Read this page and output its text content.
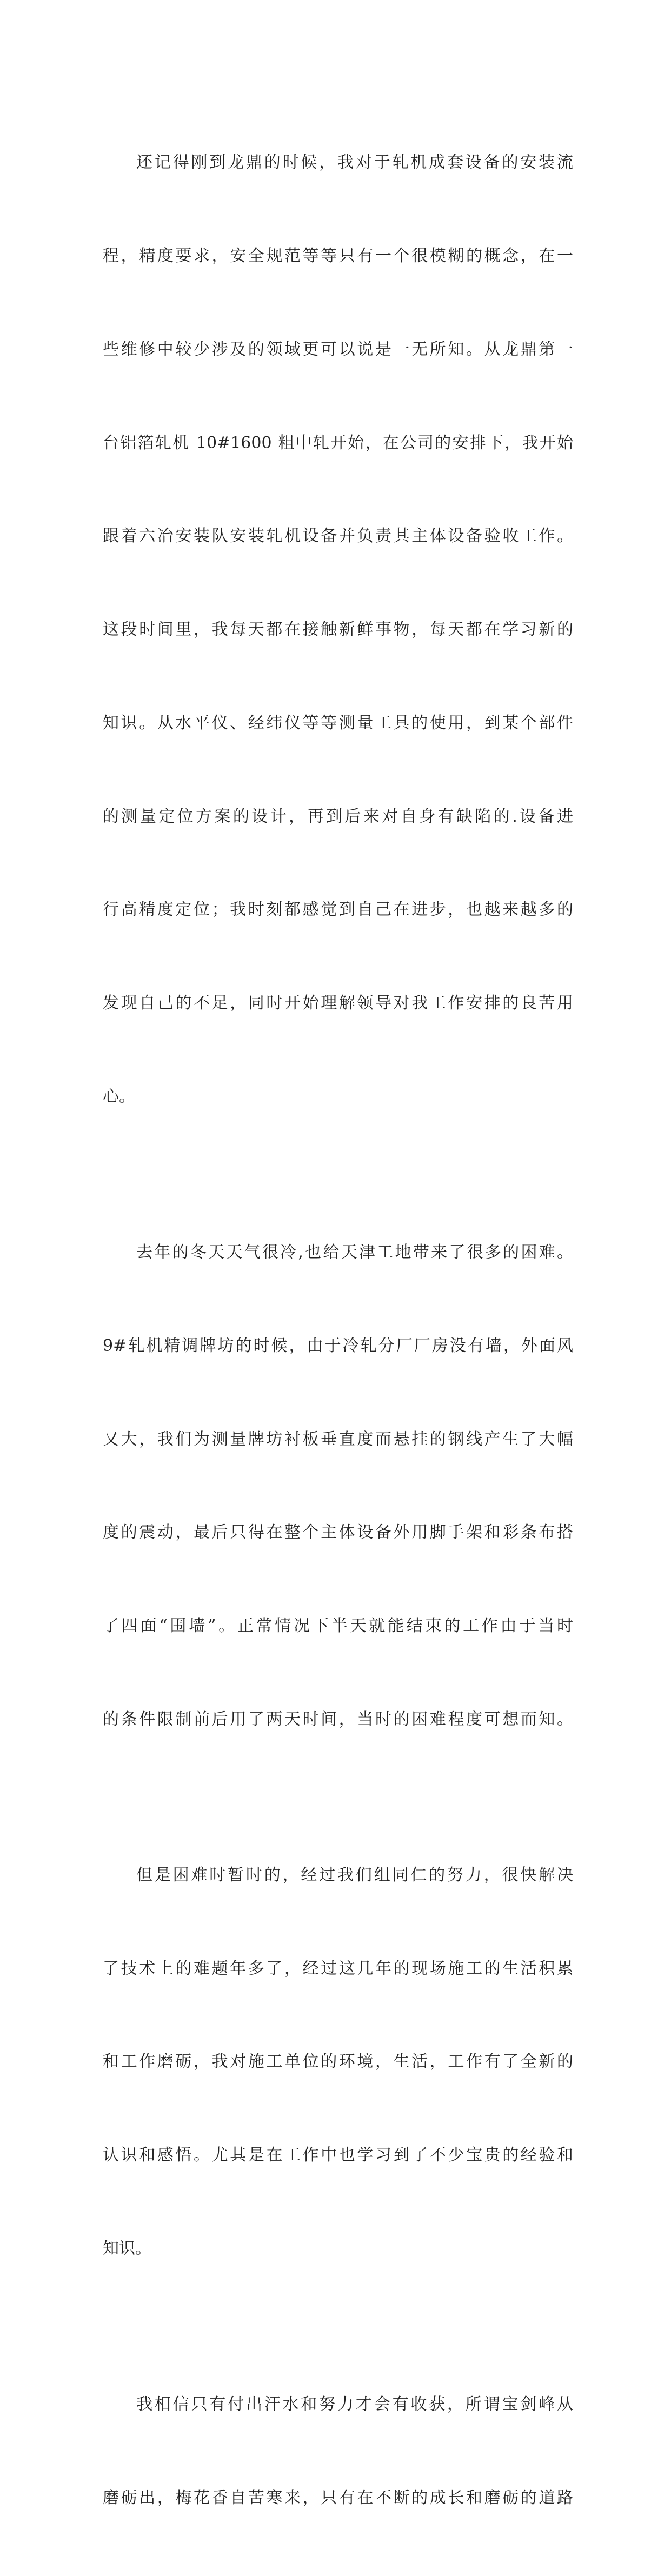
还记得刚到龙鼎的时候，我对于轧机成套设备的安装流

程，精度要求，安全规范等等只有一个很模糊的概念，在一

些维修中较少涉及的领域更可以说是一无所知。从龙鼎第一

台铝箔轧机 10#1600 粗中轧开始，在公司的安排下，我开始

跟着六冶安装队安装轧机设备并负责其主体设备验收工作。

这段时间里，我每天都在接触新鲜事物，每天都在学习新的

知识。从水平仪、经纬仪等等测量工具的使用，到某个部件

的测量定位方案的设计，再到后来对自身有缺陷的.设备进

行高精度定位；我时刻都感觉到自己在进步，也越来越多的

发现自己的不足，同时开始理解领导对我工作安排的良苦用

心。

去年的冬天天气很冷,也给天津工地带来了很多的困难。

9#轧机精调牌坊的时候，由于冷轧分厂厂房没有墙，外面风

又大，我们为测量牌坊衬板垂直度而悬挂的钢线产生了大幅

度的震动，最后只得在整个主体设备外用脚手架和彩条布搭

了四面“围墙”。正常情况下半天就能结束的工作由于当时

的条件限制前后用了两天时间，当时的困难程度可想而知。

但是困难时暂时的，经过我们组同仁的努力，很快解决

了技术上的难题年多了，经过这几年的现场施工的生活积累

和工作磨砺，我对施工单位的环境，生活，工作有了全新的

认识和感悟。尤其是在工作中也学习到了不少宝贵的经验和

知识。

我相信只有付出汗水和努力才会有收获，所谓宝剑峰从

磨砺出，梅花香自苦寒来，只有在不断的成长和磨砺的道路
